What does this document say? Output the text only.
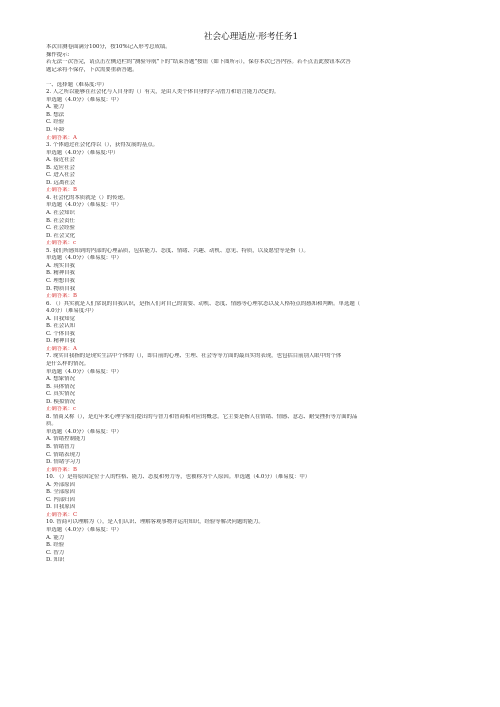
社会心理适应·形考任务1
本次自测卷面满分100分，按10%记入形考总成绩。
操作提示:
若无法一次答完，请点击左侧边栏的“测验导航”下的“结束答题”按钮（如下图所示），保存本次已答内容。若不点击此按钮本次答
题记录将不保存，下次需要重新答题。
一、选择题（难易度:中）
2. 人之所以能够在社会化与人自身的（）有关，是由人类个体自身的学习潜力和语言能力决定的。
单选题（4.0分）（难易度：中）
A. 能力
B. 想法
C. 经验
D. 年龄
正确答案：A
3. 个体通过社会化得以（），获得发展的基点。
单选题（4.0分）（难易度:中）
A. 接近社会
B. 适应社会
C. 进入社会
D. 远离社会
正确答案：B
4. 社会化的本质就是（）的传递。
单选题（4.0分）（难易度：中）
A. 社会知识
B. 社会责任
C. 社会经验
D. 社会文化
正确答案：c
5. 我们所感知到的内部的心理品质，包括能力、态度、情绪、兴趣、动机、意见、特质，以及愿望等是指（）。
单选题（4.0分）（难易度：中）
A. 现实自我
B. 精神自我
C. 理想自我
D. 物质自我
正确答案：B
6. （）其实就是人们常说的自我认识，是指人们对自己的需要、动机、态度、情感等心理状态以及人格特点的感知和判断。单选题（
4.0分）（难易度:中）
A. 自我知觉
B. 社会认知
C. 个体自我
D. 精神自我
正确答案：A
7. 现实自我指的是现实生活中个体的（），即目前的心理、生理、社会等等方面的最真实的表现，也包括目前别人眼中的个体
是什么样的情况。
单选题（4.0分）（难易度：中）
A. 想象情况
B. 具体情况
C. 真实情况
D. 模拟情况
正确答案：c
8. 情商又称（），是近年来心理学家们提出的与智力和智商相对应的概念。它主要是指人在情绪、情感、意志、耐受挫折等方面的品
质。
单选题（4.0分）（难易度：中）
A. 情绪控制能力
B. 情绪智力
C. 情绪表现力
D. 情绪学习力
正确答案：B
10. （）是将原因定位于人的性格、能力、态度和努力等，也被称为个人原因。单选题（4.0分）（难易度：中）
A. 外部原因
B. 全部原因
C. 内部归因
D. 自我原因
正确答案：C
10. 智商可以理解为（），是人们认识、理解客观事物并运用知识，经验等解决问题的能力。
单选题（4.0分）（难易度：中）
A. 能力
B. 经验
C. 智力
D. 知识
